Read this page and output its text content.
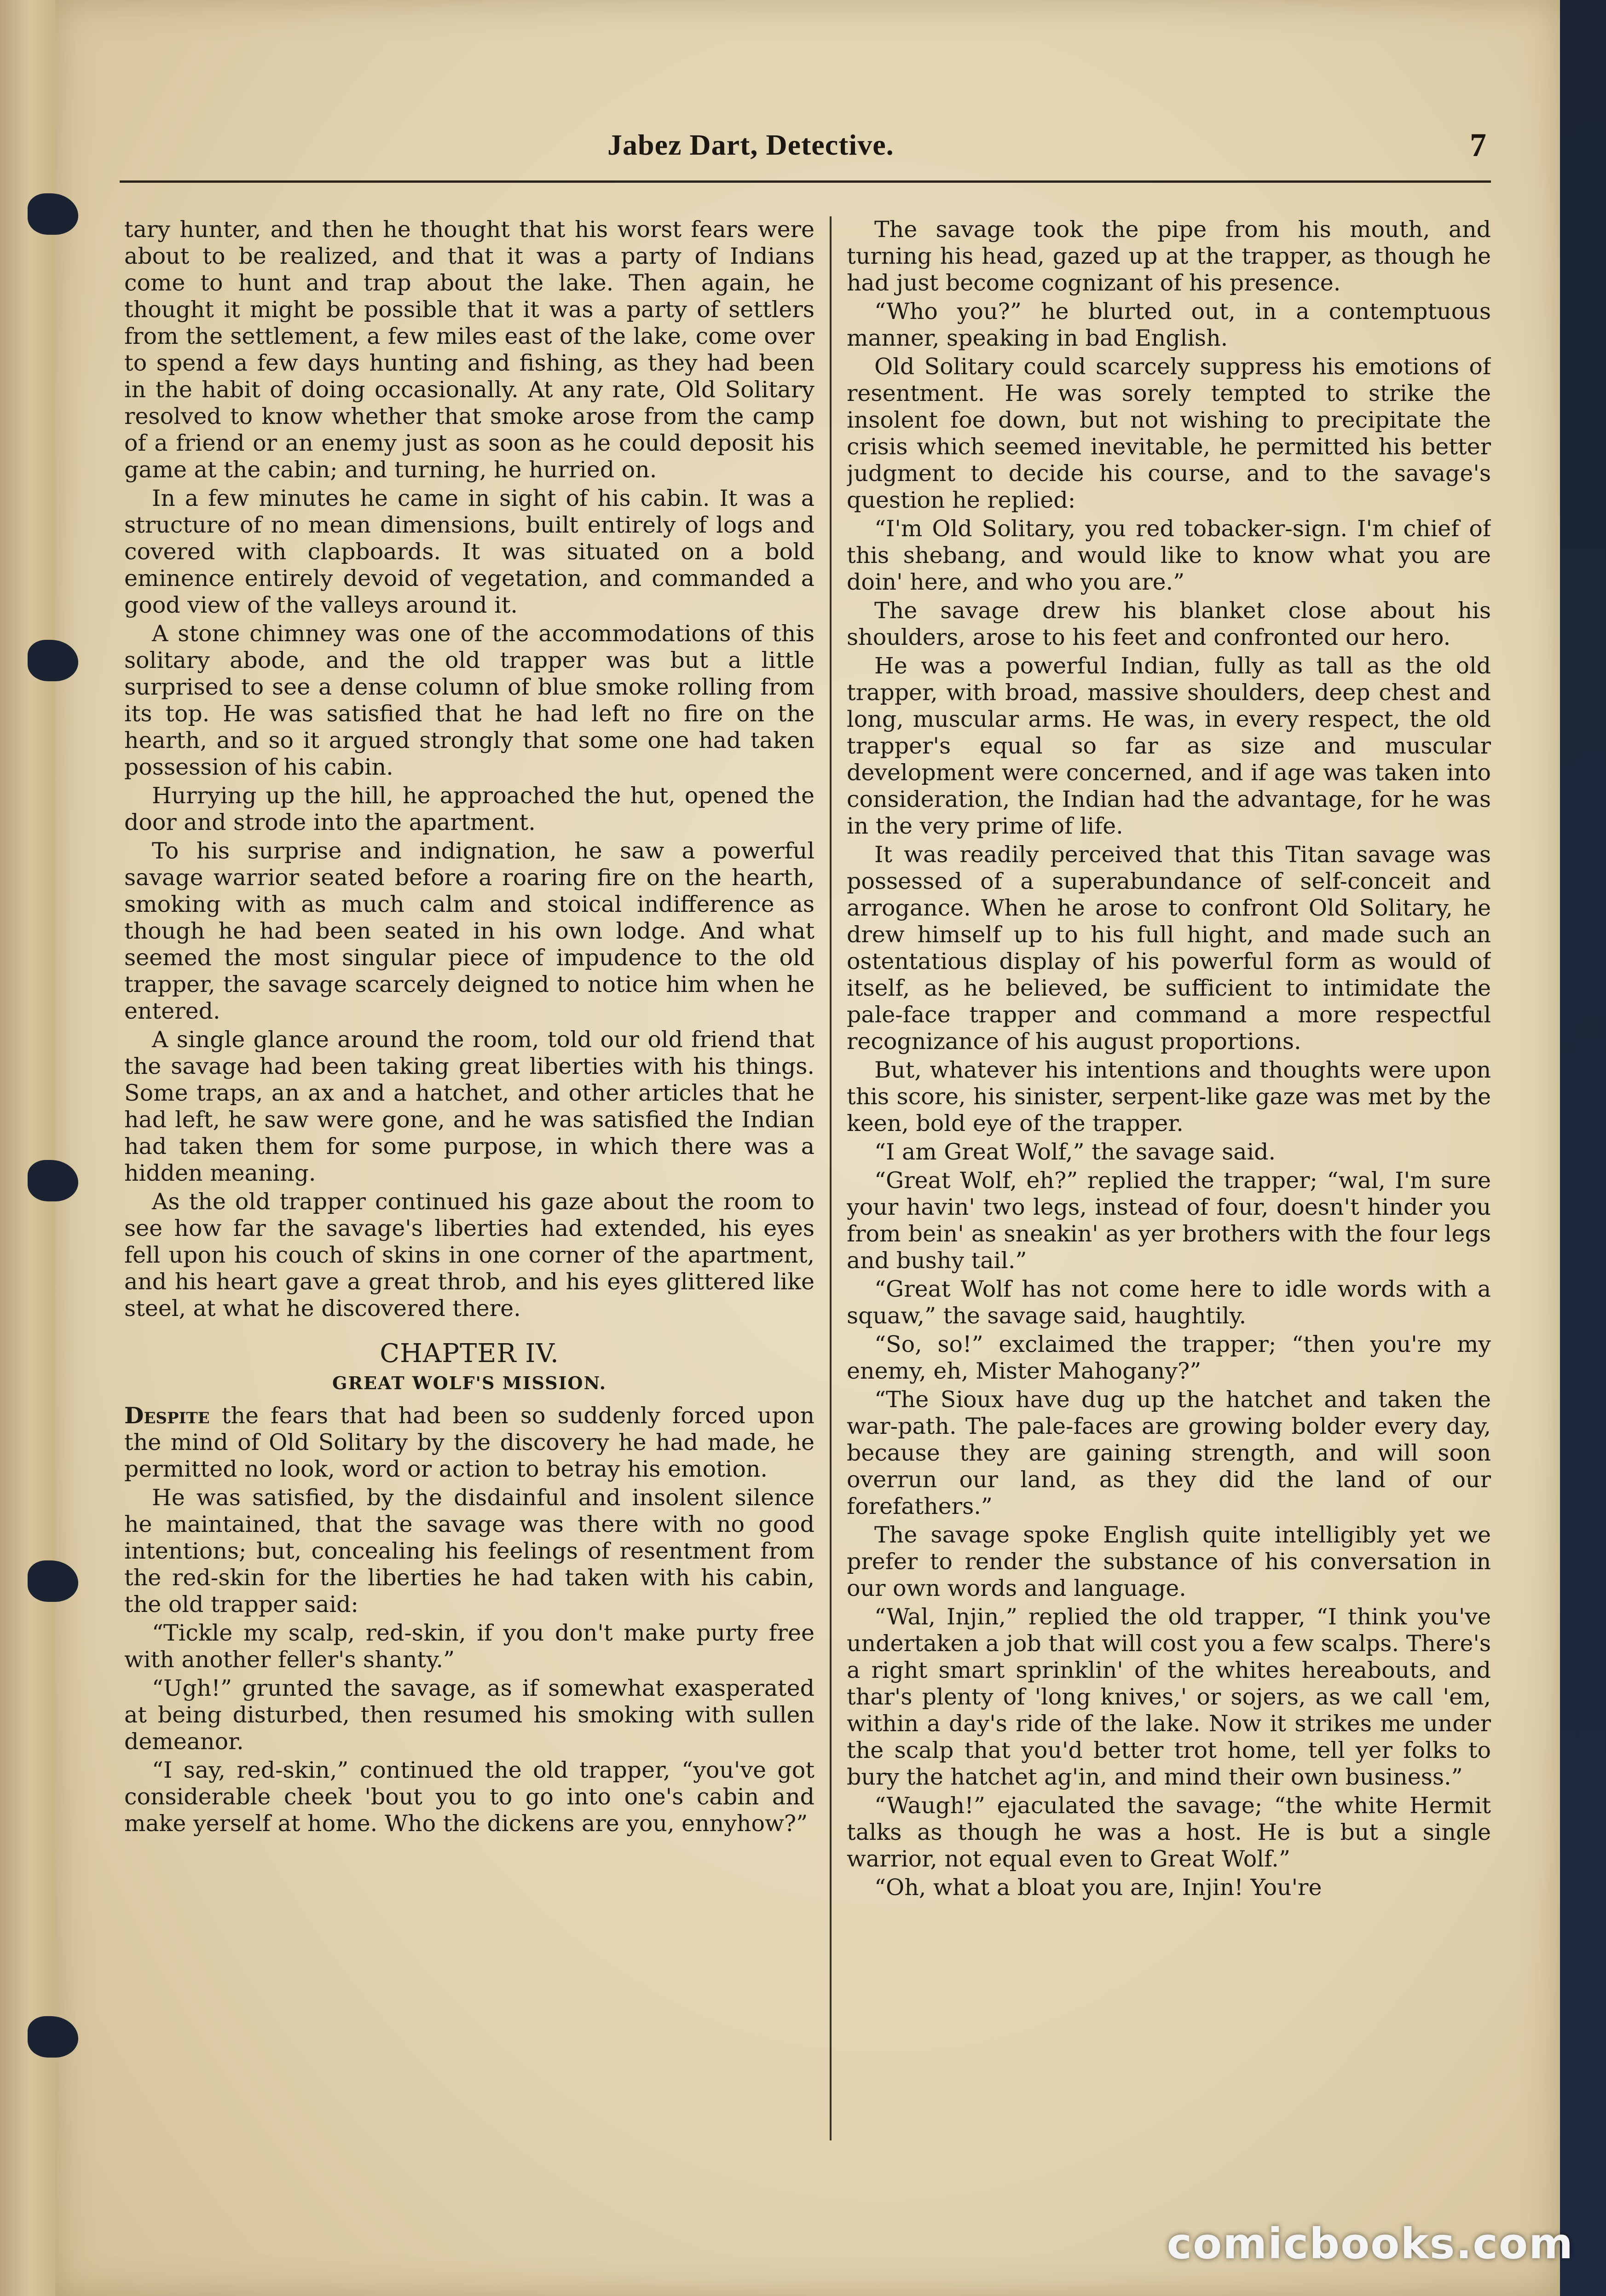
Jabez Dart, Detective.	7

tary hunter, and then he thought that his worst fears were about to be realized, and that it was a party of Indians come to hunt and trap about the lake. Then again, he thought it might be possible that it was a party of settlers from the settlement, a few miles east of the lake, come over to spend a few days hunting and fishing, as they had been in the habit of doing occasionally. At any rate, Old Solitary resolved to know whether that smoke arose from the camp of a friend or an enemy just as soon as he could deposit his game at the cabin; and turning, he hurried on.

In a few minutes he came in sight of his cabin. It was a structure of no mean dimensions, built entirely of logs and covered with clapboards. It was situated on a bold eminence entirely devoid of vegetation, and commanded a good view of the valleys around it.

A stone chimney was one of the accommodations of this solitary abode, and the old trapper was but a little surprised to see a dense column of blue smoke rolling from its top. He was satisfied that he had left no fire on the hearth, and so it argued strongly that some one had taken possession of his cabin.

Hurrying up the hill, he approached the hut, opened the door and strode into the apartment.

To his surprise and indignation, he saw a powerful savage warrior seated before a roaring fire on the hearth, smoking with as much calm and stoical indifference as though he had been seated in his own lodge. And what seemed the most singular piece of impudence to the old trapper, the savage scarcely deigned to notice him when he entered.

A single glance around the room, told our old friend that the savage had been taking great liberties with his things. Some traps, an ax and a hatchet, and other articles that he had left, he saw were gone, and he was satisfied the Indian had taken them for some purpose, in which there was a hidden meaning.

As the old trapper continued his gaze about the room to see how far the savage's liberties had extended, his eyes fell upon his couch of skins in one corner of the apartment, and his heart gave a great throb, and his eyes glittered like steel, at what he discovered there.

CHAPTER IV.
GREAT WOLF'S MISSION.

Despite the fears that had been so suddenly forced upon the mind of Old Solitary by the discovery he had made, he permitted no look, word or action to betray his emotion.

He was satisfied, by the disdainful and insolent silence he maintained, that the savage was there with no good intentions; but, concealing his feelings of resentment from the red-skin for the liberties he had taken with his cabin, the old trapper said:

“Tickle my scalp, red-skin, if you don't make purty free with another feller's shanty.”

“Ugh!” grunted the savage, as if somewhat exasperated at being disturbed, then resumed his smoking with sullen demeanor.

“I say, red-skin,” continued the old trapper, “you've got considerable cheek 'bout you to go into one's cabin and make yerself at home. Who the dickens are you, ennyhow?”

The savage took the pipe from his mouth, and turning his head, gazed up at the trapper, as though he had just become cognizant of his presence.

“Who you?” he blurted out, in a contemptuous manner, speaking in bad English.

Old Solitary could scarcely suppress his emotions of resentment. He was sorely tempted to strike the insolent foe down, but not wishing to precipitate the crisis which seemed inevitable, he permitted his better judgment to decide his course, and to the savage's question he replied:

“I'm Old Solitary, you red tobacker-sign. I'm chief of this shebang, and would like to know what you are doin' here, and who you are.”

The savage drew his blanket close about his shoulders, arose to his feet and confronted our hero.

He was a powerful Indian, fully as tall as the old trapper, with broad, massive shoulders, deep chest and long, muscular arms. He was, in every respect, the old trapper's equal so far as size and muscular development were concerned, and if age was taken into consideration, the Indian had the advantage, for he was in the very prime of life.

It was readily perceived that this Titan savage was possessed of a superabundance of self-conceit and arrogance. When he arose to confront Old Solitary, he drew himself up to his full hight, and made such an ostentatious display of his powerful form as would of itself, as he believed, be sufficient to intimidate the pale-face trapper and command a more respectful recognizance of his august proportions.

But, whatever his intentions and thoughts were upon this score, his sinister, serpent-like gaze was met by the keen, bold eye of the trapper.

“I am Great Wolf,” the savage said.

“Great Wolf, eh?” replied the trapper; “wal, I'm sure your havin' two legs, instead of four, doesn't hinder you from bein' as sneakin' as yer brothers with the four legs and bushy tail.”

“Great Wolf has not come here to idle words with a squaw,” the savage said, haughtily.

“So, so!” exclaimed the trapper; “then you're my enemy, eh, Mister Mahogany?”

“The Sioux have dug up the hatchet and taken the war-path. The pale-faces are growing bolder every day, because they are gaining strength, and will soon overrun our land, as they did the land of our forefathers.”

The savage spoke English quite intelligibly yet we prefer to render the substance of his conversation in our own words and language.

“Wal, Injin,” replied the old trapper, “I think you've undertaken a job that will cost you a few scalps. There's a right smart sprinklin' of the whites hereabouts, and thar's plenty of 'long knives,' or sojers, as we call 'em, within a day's ride of the lake. Now it strikes me under the scalp that you'd better trot home, tell yer folks to bury the hatchet ag'in, and mind their own business.”

“Waugh!” ejaculated the savage; “the white Hermit talks as though he was a host. He is but a single warrior, not equal even to Great Wolf.”

“Oh, what a bloat you are, Injin! You're

comicbooks.com
